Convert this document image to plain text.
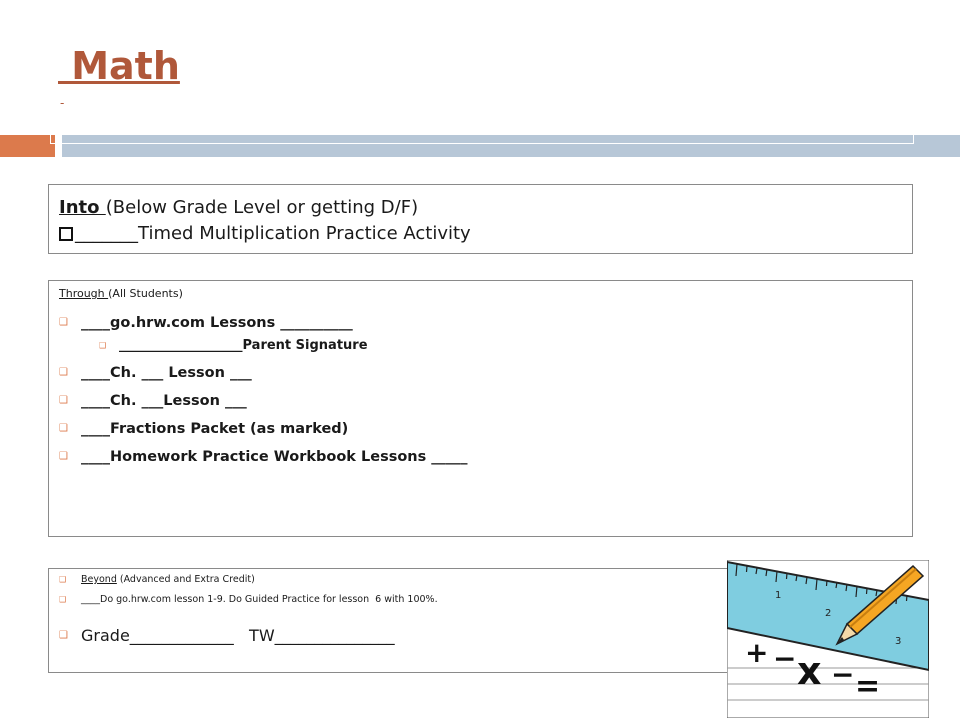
Math
-
Into (Below Grade Level or getting D/F)
_______Timed Multiplication Practice Activity
Through (All Students)
❑ ____go.hrw.com Lessons __________
❑ ___________________Parent Signature
❑ ____Ch. ___ Lesson ___
❑ ____Ch. ___Lesson ___
❑ ____Fractions Packet (as marked)
❑ ____Homework Practice Workbook Lessons _____
❑	Beyond (Advanced and Extra Credit)
❑	____Do go.hrw.com lesson 1-9. Do Guided Practice for lesson  6 with 100%.
❑ Grade_____________   TW_______________
1
2
3
+ − x − =
